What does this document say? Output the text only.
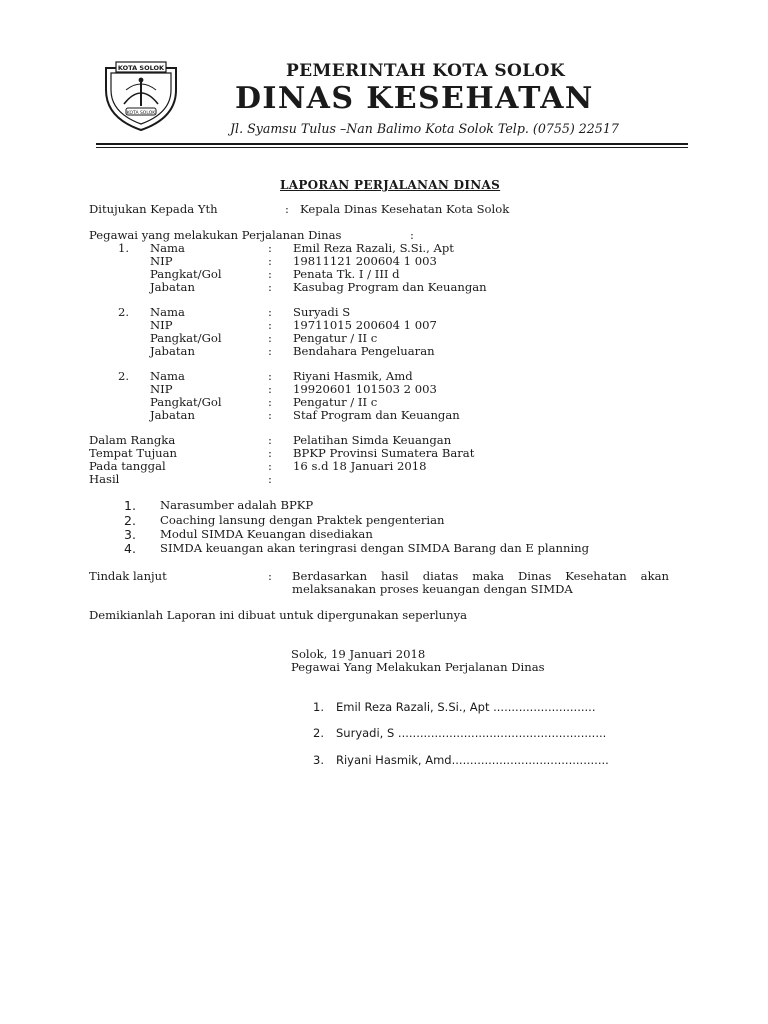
KOTA SOLOK
KOTA SOLOK
PEMERINTAH KOTA SOLOK
DINAS KESEHATAN
Jl. Syamsu Tulus –Nan Balimo Kota Solok Telp. (0755) 22517
LAPORAN PERJALANAN DINAS
Ditujukan Kepada Yth	: Kepala Dinas Kesehatan Kota Solok
Pegawai yang melakukan Perjalanan Dinas	:
1. Nama	: Emil Reza Razali, S.Si., Apt
NIP	: 19811121 200604 1 003
Pangkat/Gol	: Penata Tk. I / III d
Jabatan	: Kasubag Program dan Keuangan
2. Nama	: Suryadi S
NIP	: 19711015 200604 1 007
Pangkat/Gol	: Pengatur / II c
Jabatan	: Bendahara Pengeluaran
2. Nama	: Riyani Hasmik, Amd
NIP	: 19920601 101503 2 003
Pangkat/Gol	: Pengatur / II c
Jabatan	: Staf Program dan Keuangan
Dalam Rangka	: Pelatihan Simda Keuangan
Tempat Tujuan	: BPKP Provinsi Sumatera Barat
Pada tanggal	: 16 s.d 18 Januari 2018
Hasil	:
1. Narasumber adalah BPKP
2. Coaching lansung dengan Praktek pengenterian
3. Modul SIMDA Keuangan disediakan
4. SIMDA keuangan akan teringrasi dengan SIMDA Barang dan E planning
Tindak lanjut	: Berdasarkan hasil diatas maka Dinas Kesehatan akan
melaksanakan proses keuangan dengan SIMDA
Demikianlah Laporan ini dibuat untuk dipergunakan seperlunya
Solok, 19 Januari 2018
Pegawai Yang Melakukan Perjalanan Dinas
1. Emil Reza Razali, S.Si., Apt ............................
2. Suryadi, S .........................................................
3. Riyani Hasmik, Amd...........................................
